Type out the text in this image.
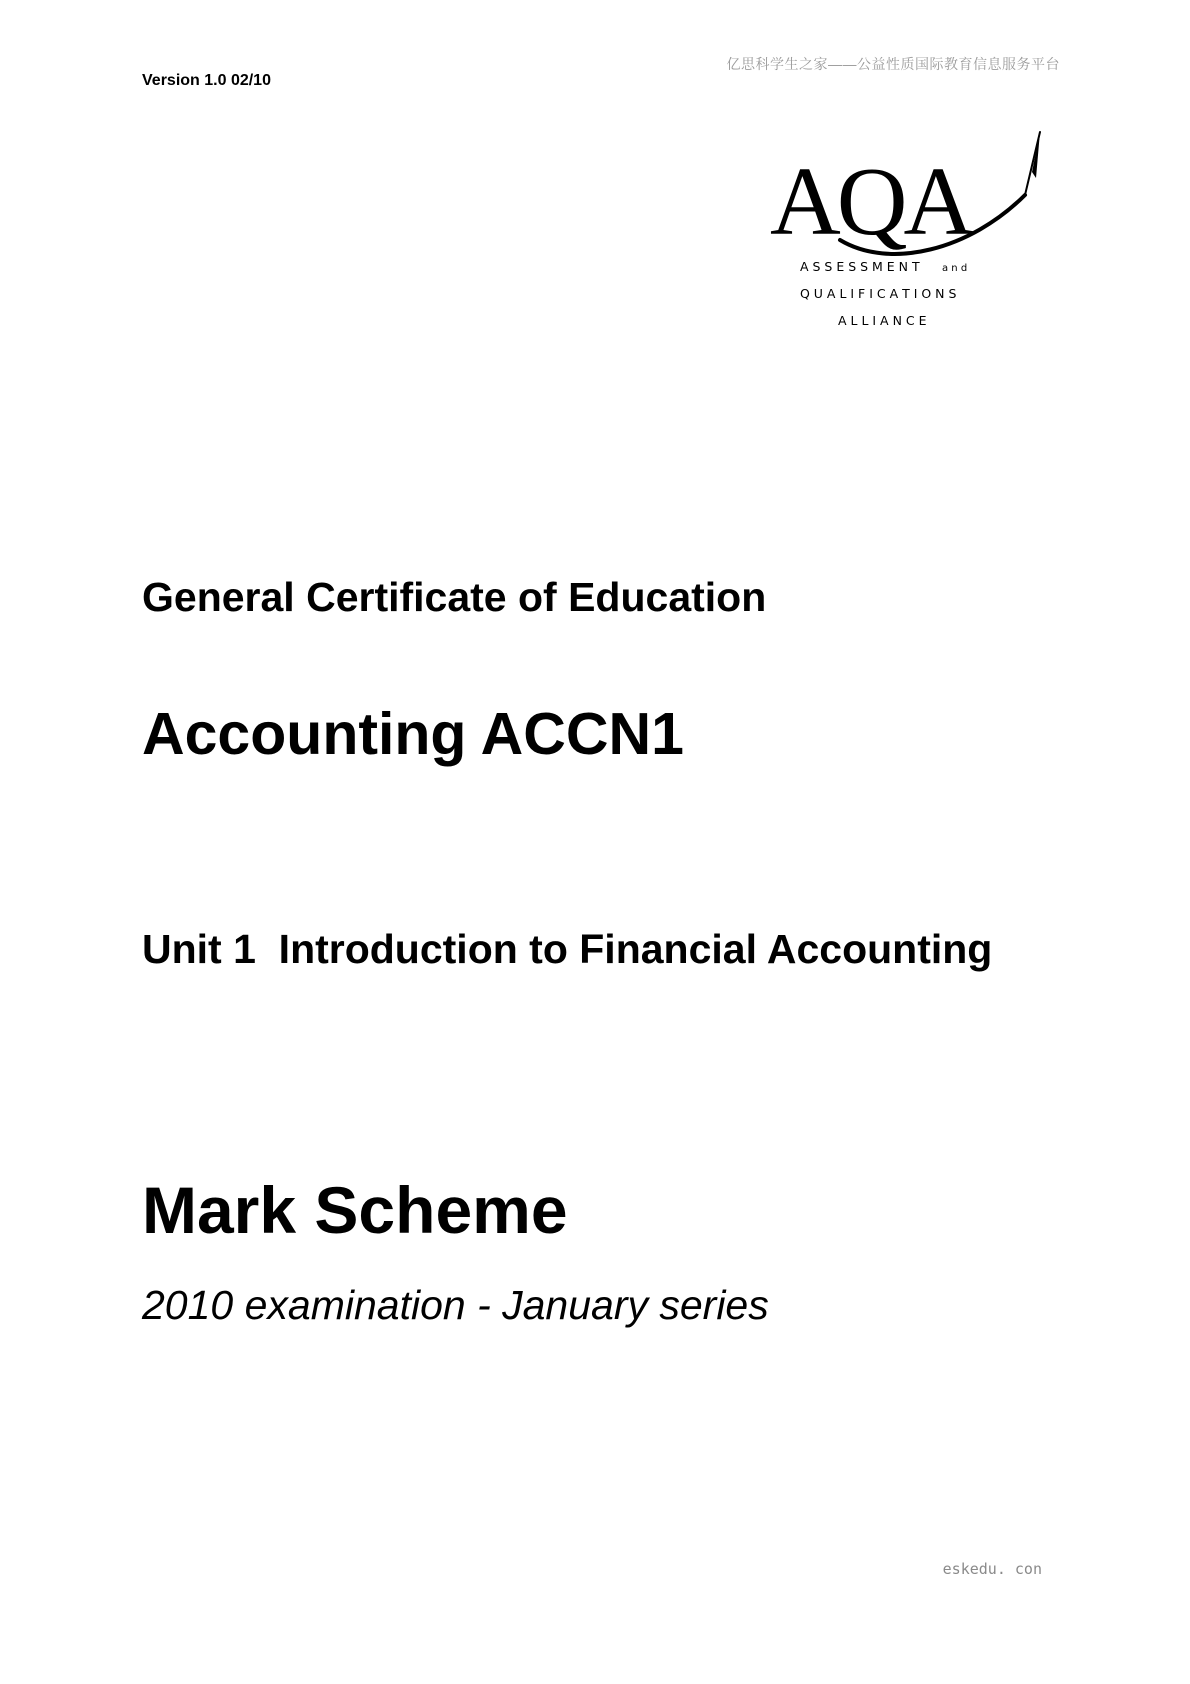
亿思科学生之家——公益性质国际教育信息服务平台
Version 1.0 02/10
AQA
A S S E S S M E N T a n d
Q U A L I F I C A T I O N S
A L L I A N C E
General Certificate of Education
Accounting ACCN1
Unit 1  Introduction to Financial Accounting
Mark Scheme
2010 examination - January series
eskedu. con
